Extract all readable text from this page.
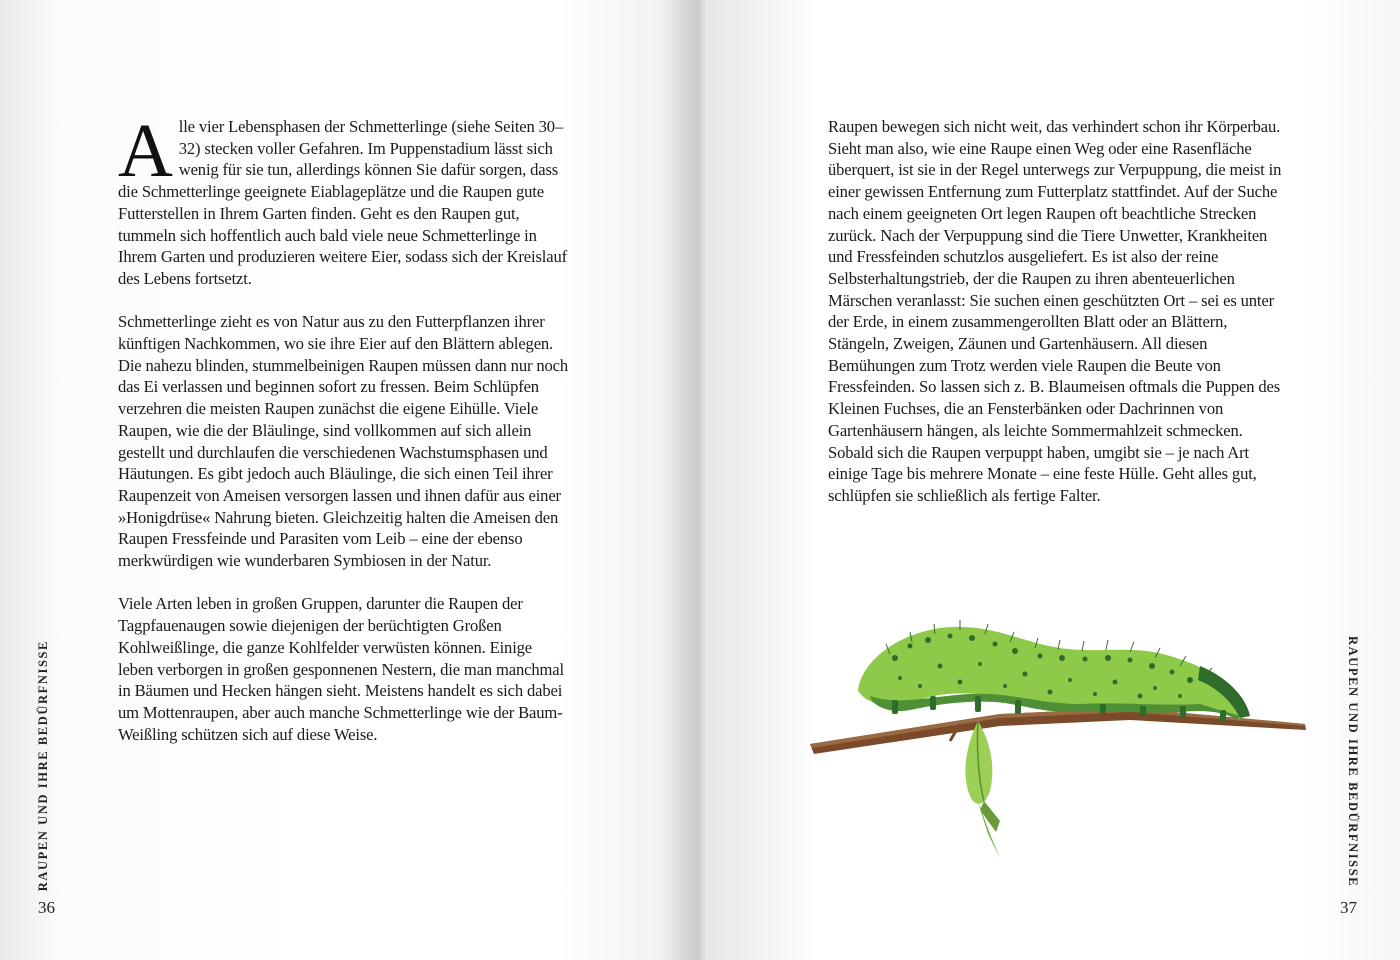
Alle vier Lebensphasen der Schmetterlinge (siehe Seiten 30–32) stecken voller Gefahren. Im Puppenstadium lässt sich wenig für sie tun, allerdings können Sie dafür sorgen, dass die Schmetterlinge geeignete Eiablageplätze und die Raupen gute Futterstellen in Ihrem Garten finden. Geht es den Raupen gut, tummeln sich hoffentlich auch bald viele neue Schmetterlinge in Ihrem Garten und produzieren weitere Eier, sodass sich der Kreislauf des Lebens fortsetzt.

Schmetterlinge zieht es von Natur aus zu den Futterpflanzen ihrer künftigen Nachkommen, wo sie ihre Eier auf den Blättern ablegen. Die nahezu blinden, stummelbeinigen Raupen müssen dann nur noch das Ei verlassen und beginnen sofort zu fressen. Beim Schlüpfen verzehren die meisten Raupen zunächst die eigene Eihülle. Viele Raupen, wie die der Bläulinge, sind vollkommen auf sich allein gestellt und durchlaufen die verschiedenen Wachstumsphasen und Häutungen. Es gibt jedoch auch Bläulinge, die sich einen Teil ihrer Raupenzeit von Ameisen versorgen lassen und ihnen dafür aus einer »Honigdrüse« Nahrung bieten. Gleichzeitig halten die Ameisen den Raupen Fressfeinde und Parasiten vom Leib – eine der ebenso merkwürdigen wie wunderbaren Symbiosen in der Natur.

Viele Arten leben in großen Gruppen, darunter die Raupen der Tagpfauenaugen sowie diejenigen der berüchtigten Großen Kohlweißlinge, die ganze Kohlfelder verwüsten können. Einige leben verborgen in großen gesponnenen Nestern, die man manchmal in Bäumen und Hecken hängen sieht. Meistens handelt es sich dabei um Mottenraupen, aber auch manche Schmetterlinge wie der Baum-Weißling schützen sich auf diese Weise.

RAUPEN UND IHRE BEDÜRFNISSE
36

Raupen bewegen sich nicht weit, das verhindert schon ihr Körperbau. Sieht man also, wie eine Raupe einen Weg oder eine Rasenfläche überquert, ist sie in der Regel unterwegs zur Verpuppung, die meist in einer gewissen Entfernung zum Futterplatz stattfindet. Auf der Suche nach einem geeigneten Ort legen Raupen oft beachtliche Strecken zurück. Nach der Verpuppung sind die Tiere Unwetter, Krankheiten und Fressfeinden schutzlos ausgeliefert. Es ist also der reine Selbsterhaltungstrieb, der die Raupen zu ihren abenteuerlichen Märschen veranlasst: Sie suchen einen geschützten Ort – sei es unter der Erde, in einem zusammengerollten Blatt oder an Blättern, Stängeln, Zweigen, Zäunen und Gartenhäusern. All diesen Bemühungen zum Trotz werden viele Raupen die Beute von Fressfeinden. So lassen sich z. B. Blaumeisen oftmals die Puppen des Kleinen Fuchses, die an Fensterbänken oder Dachrinnen von Gartenhäusern hängen, als leichte Sommermahlzeit schmecken. Sobald sich die Raupen verpuppt haben, umgibt sie – je nach Art einige Tage bis mehrere Monate – eine feste Hülle. Geht alles gut, schlüpfen sie schließlich als fertige Falter.

RAUPEN UND IHRE BEDÜRFNISSE
37
